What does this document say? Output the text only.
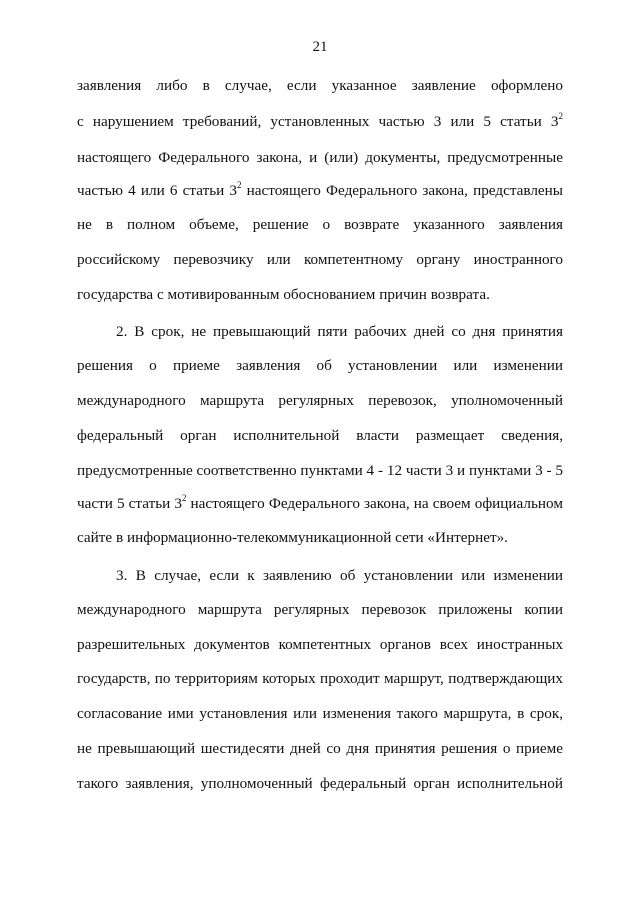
21
заявления либо в случае, если указанное заявление оформлено
с нарушением требований, установленных частью 3 или 5 статьи $3^2$
настоящего Федерального закона, и (или) документы, предусмотренные
частью 4 или 6 статьи $3^2$ настоящего Федерального закона, представлены
не в полном объеме, решение о возврате указанного заявления
российскому перевозчику или компетентному органу иностранного
государства с мотивированным обоснованием причин возврата.
2. В срок, не превышающий пяти рабочих дней со дня принятия
решения о приеме заявления об установлении или изменении
международного маршрута регулярных перевозок, уполномоченный
федеральный орган исполнительной власти размещает сведения,
предусмотренные соответственно пунктами 4 - 12 части 3 и пунктами 3 - 5
части 5 статьи $3^2$ настоящего Федерального закона, на своем официальном
сайте в информационно-телекоммуникационной сети «Интернет».
3. В случае, если к заявлению об установлении или изменении
международного маршрута регулярных перевозок приложены копии
разрешительных документов компетентных органов всех иностранных
государств, по территориям которых проходит маршрут, подтверждающих
согласование ими установления или изменения такого маршрута, в срок,
не превышающий шестидесяти дней со дня принятия решения о приеме
такого заявления, уполномоченный федеральный орган исполнительной
